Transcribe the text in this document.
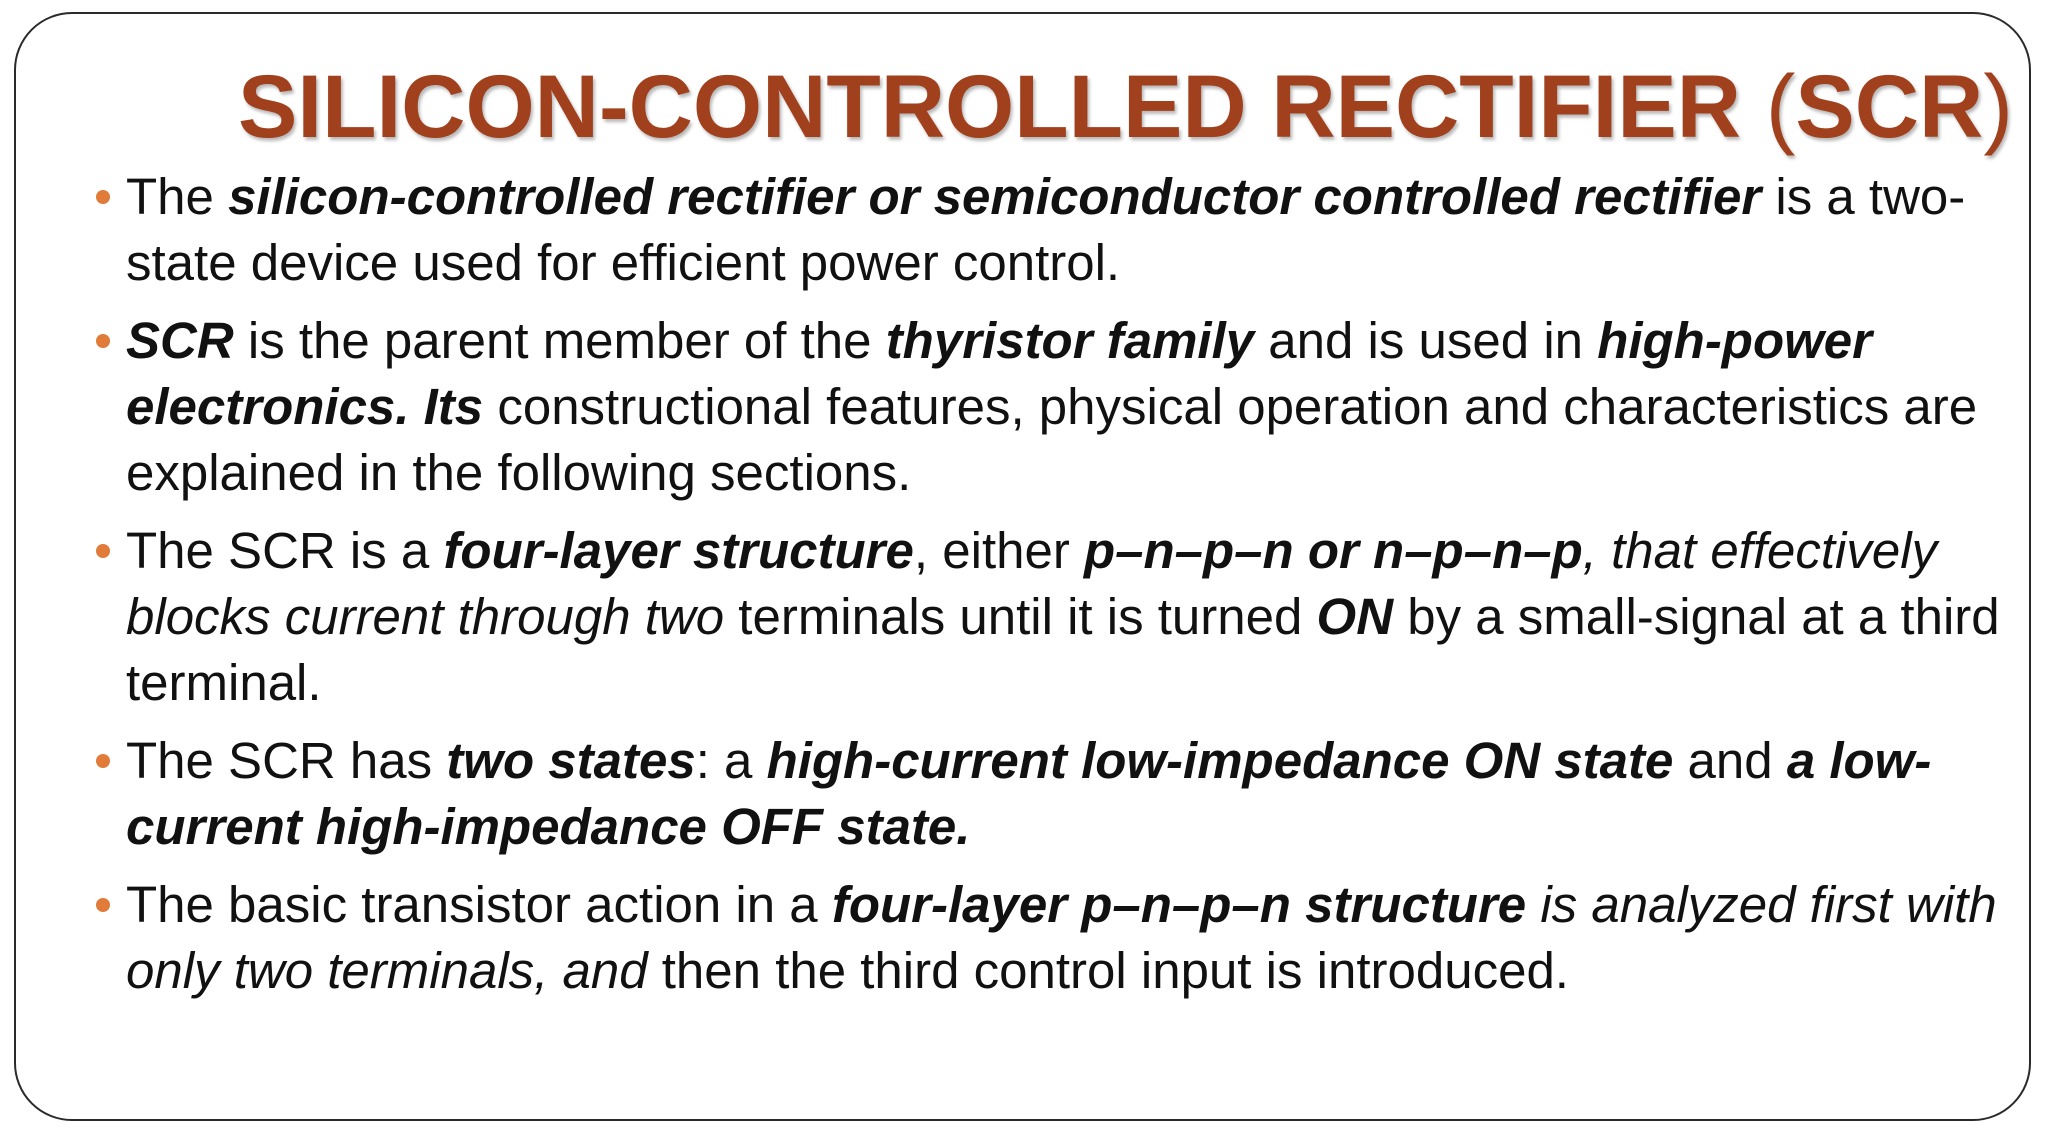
SILICON-CONTROLLED RECTIFIER (SCR)
The silicon-controlled rectifier or semiconductor controlled rectifier is a two-state device used for efficient power control.
SCR is the parent member of the thyristor family and is used in high-power electronics. Its constructional features, physical operation and characteristics are explained in the following sections.
The SCR is a four-layer structure, either p–n–p–n or n–p–n–p, that effectively blocks current through two terminals until it is turned ON by a small-signal at a third terminal.
The SCR has two states: a high-current low-impedance ON state and a low-current high-impedance OFF state.
The basic transistor action in a four-layer p–n–p–n structure is analyzed first with only two terminals, and then the third control input is introduced.
